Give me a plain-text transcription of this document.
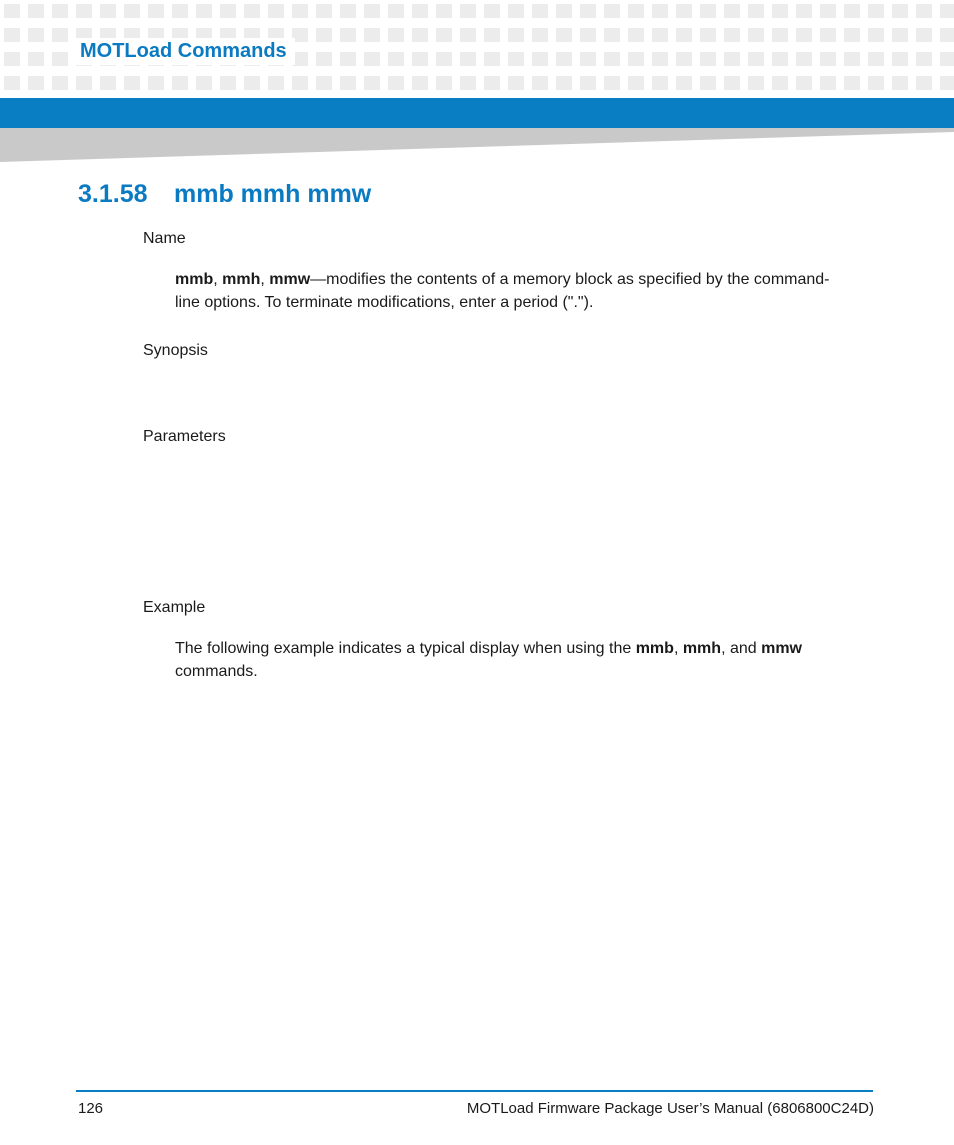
MOTLoad Commands
3.1.58 mmb mmh mmw
Name
mmb, mmh, mmw—modifies the contents of a memory block as specified by the command-
line options. To terminate modifications, enter a period (".").
Synopsis
Parameters
Example
The following example indicates a typical display when using the mmb, mmh, and mmw
commands.
126	MOTLoad Firmware Package User’s Manual (6806800C24D)
